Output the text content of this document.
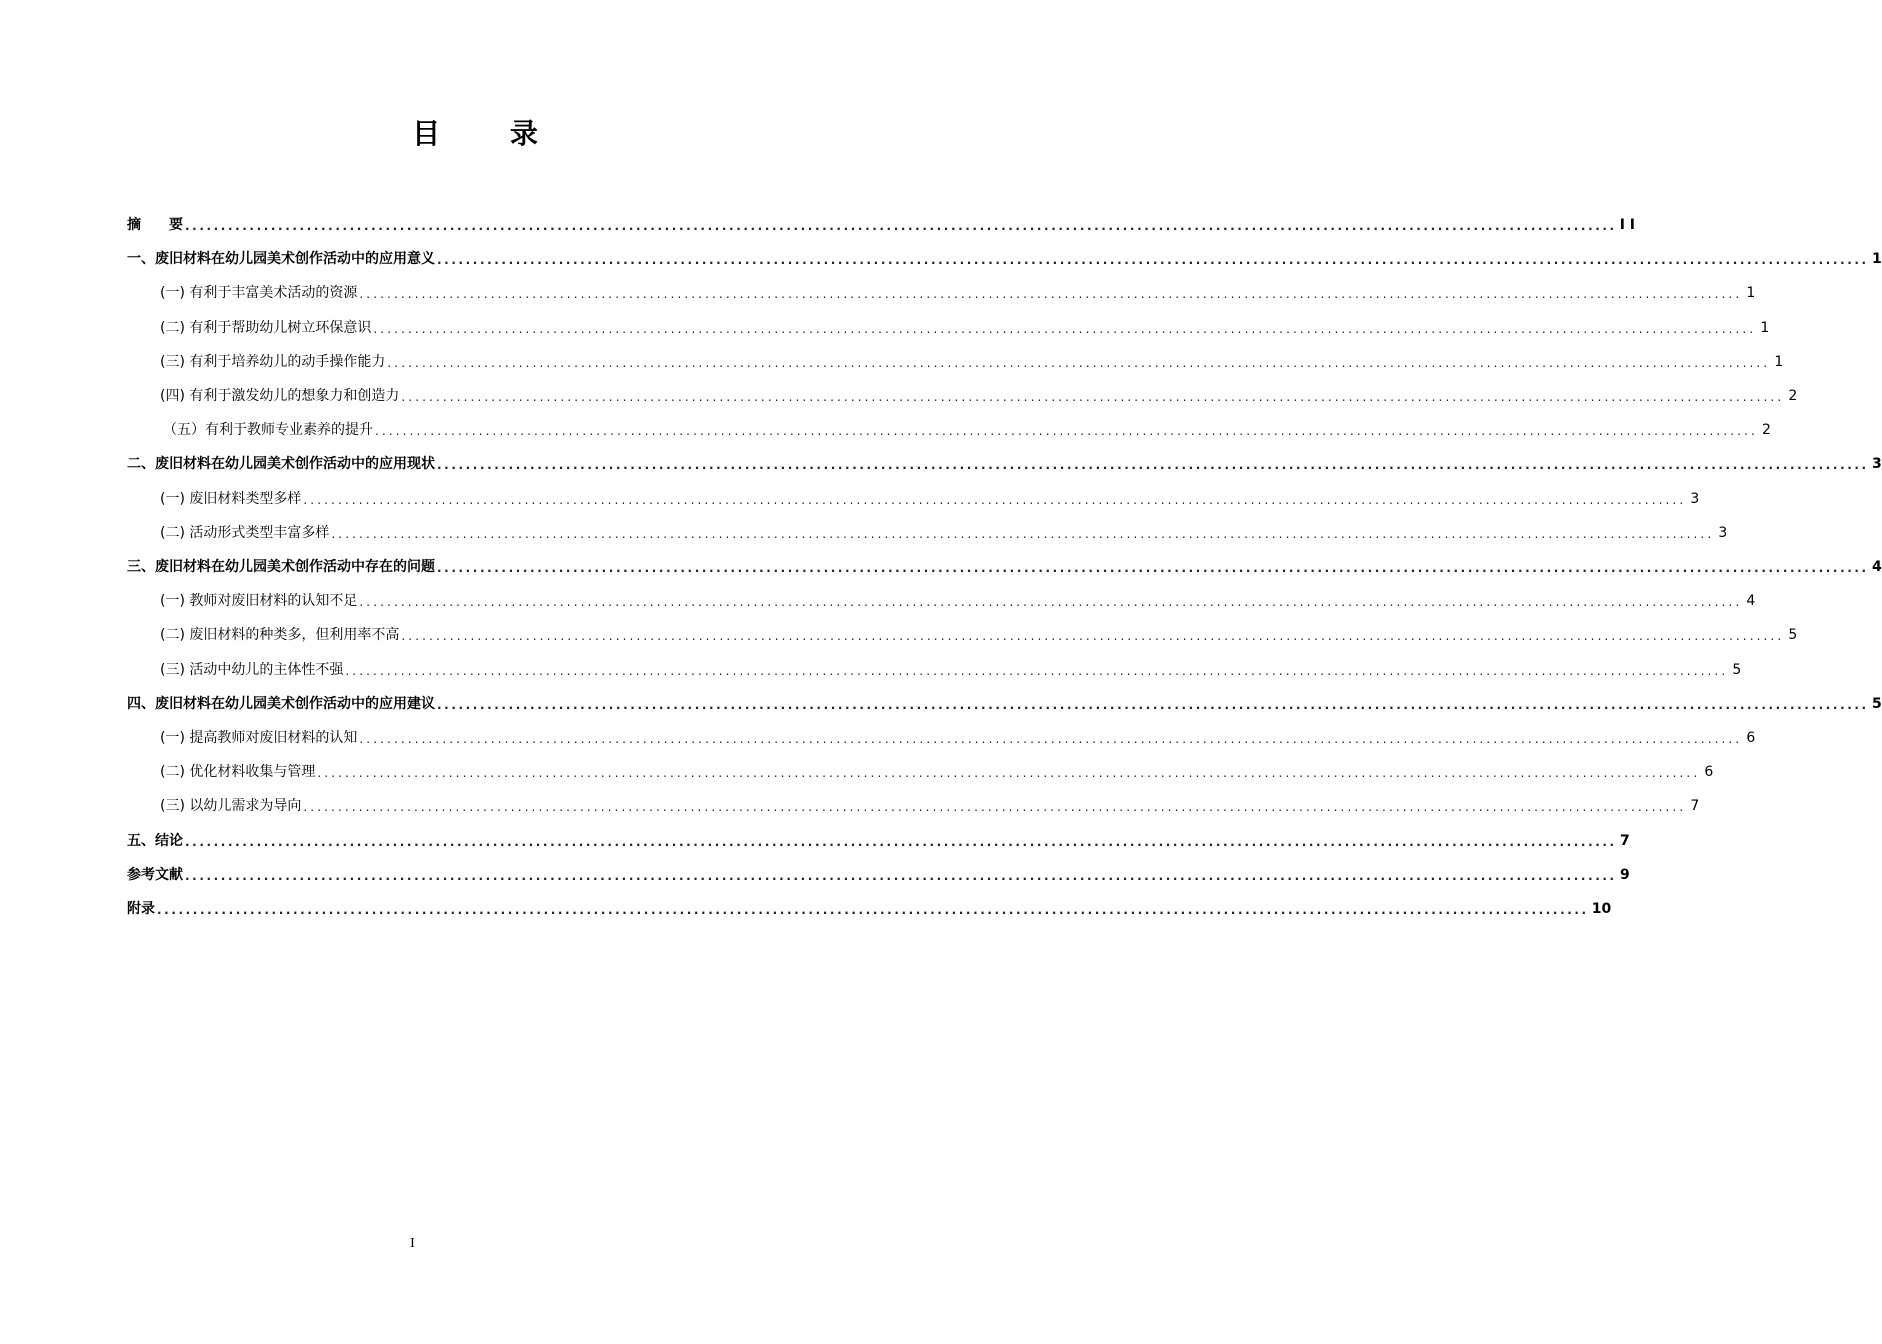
目 录
摘　　要 ........................................................................................................................................................................................................ I I
一、废旧材料在幼儿园美术创作活动中的应用意义 ........................................................................................................................................................................................................ 1
(一) 有利于丰富美术活动的资源 ........................................................................................................................................................................................................ 1
(二) 有利于帮助幼儿树立环保意识 ........................................................................................................................................................................................................ 1
(三) 有利于培养幼儿的动手操作能力 ........................................................................................................................................................................................................ 1
(四) 有利于激发幼儿的想象力和创造力 ........................................................................................................................................................................................................ 2
（五）有利于教师专业素养的提升 ........................................................................................................................................................................................................ 2
二、废旧材料在幼儿园美术创作活动中的应用现状 ........................................................................................................................................................................................................ 3
(一) 废旧材料类型多样 ........................................................................................................................................................................................................ 3
(二) 活动形式类型丰富多样 ........................................................................................................................................................................................................ 3
三、废旧材料在幼儿园美术创作活动中存在的问题 ........................................................................................................................................................................................................ 4
(一) 教师对废旧材料的认知不足 ........................................................................................................................................................................................................ 4
(二) 废旧材料的种类多，但利用率不高 ........................................................................................................................................................................................................ 5
(三) 活动中幼儿的主体性不强 ........................................................................................................................................................................................................ 5
四、废旧材料在幼儿园美术创作活动中的应用建议 ........................................................................................................................................................................................................ 5
(一) 提高教师对废旧材料的认知 ........................................................................................................................................................................................................ 6
(二) 优化材料收集与管理 ........................................................................................................................................................................................................ 6
(三) 以幼儿需求为导向 ........................................................................................................................................................................................................ 7
五、结论 ........................................................................................................................................................................................................ 7
参考文献 ........................................................................................................................................................................................................ 9
附录 ........................................................................................................................................................................................................ 10
I
